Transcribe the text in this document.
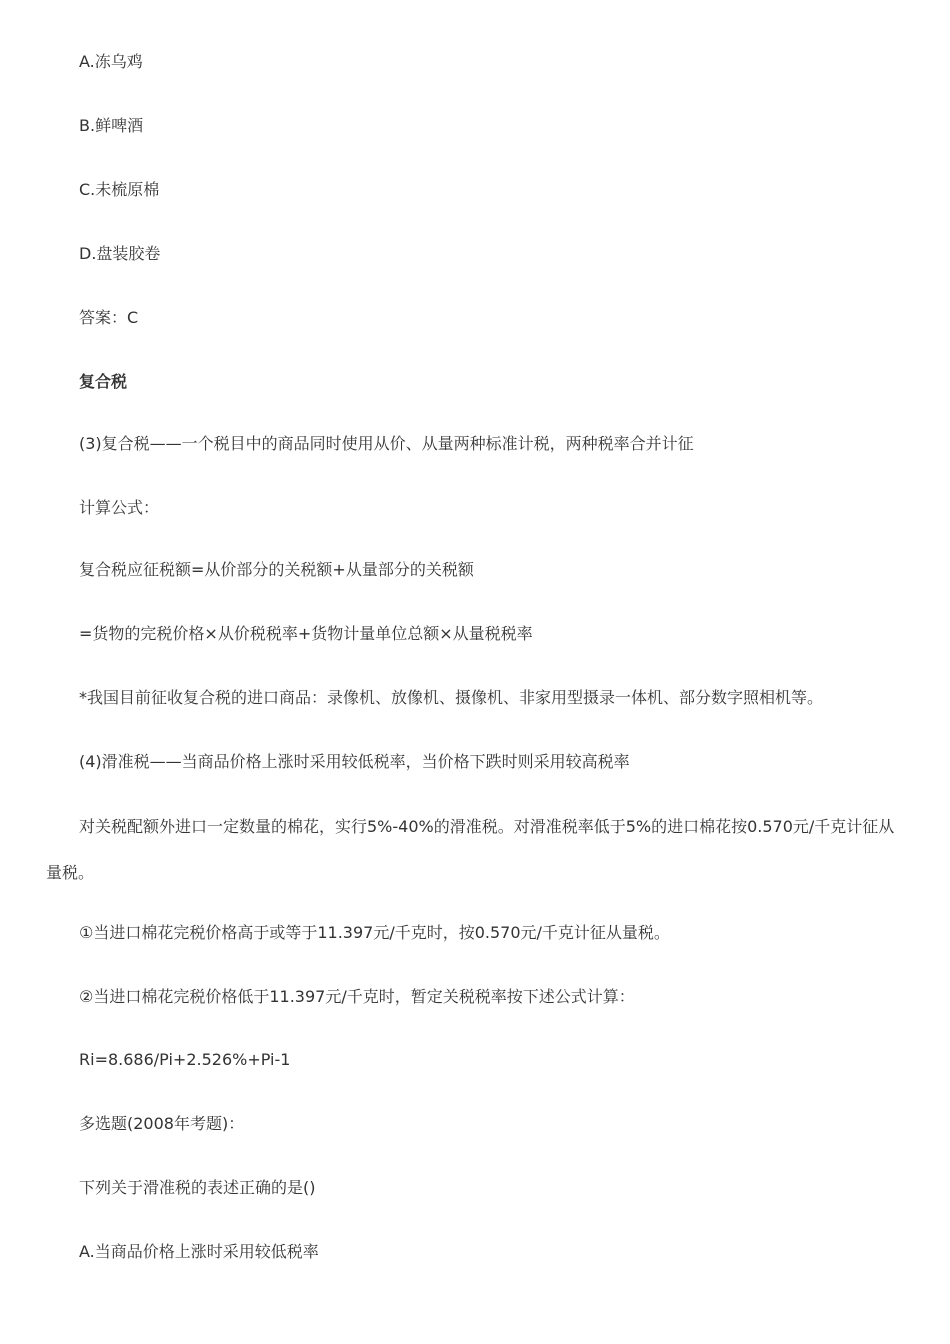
A.冻乌鸡
B.鲜啤酒
C.未梳原棉
D.盘装胶卷
答案：C
复合税
(3)复合税——一个税目中的商品同时使用从价、从量两种标准计税，两种税率合并计征
计算公式：
复合税应征税额=从价部分的关税额+从量部分的关税额
=货物的完税价格×从价税税率+货物计量单位总额×从量税税率
*我国目前征收复合税的进口商品：录像机、放像机、摄像机、非家用型摄录一体机、部分数字照相机等。
(4)滑准税——当商品价格上涨时采用较低税率，当价格下跌时则采用较高税率
对关税配额外进口一定数量的棉花，实行5%-40%的滑准税。对滑准税率低于5%的进口棉花按0.570元/千克计征从量税。
①当进口棉花完税价格高于或等于11.397元/千克时，按0.570元/千克计征从量税。
②当进口棉花完税价格低于11.397元/千克时，暂定关税税率按下述公式计算：
Ri=8.686/Pi+2.526%+Pi-1
多选题(2008年考题)：
下列关于滑准税的表述正确的是()
A.当商品价格上涨时采用较低税率
